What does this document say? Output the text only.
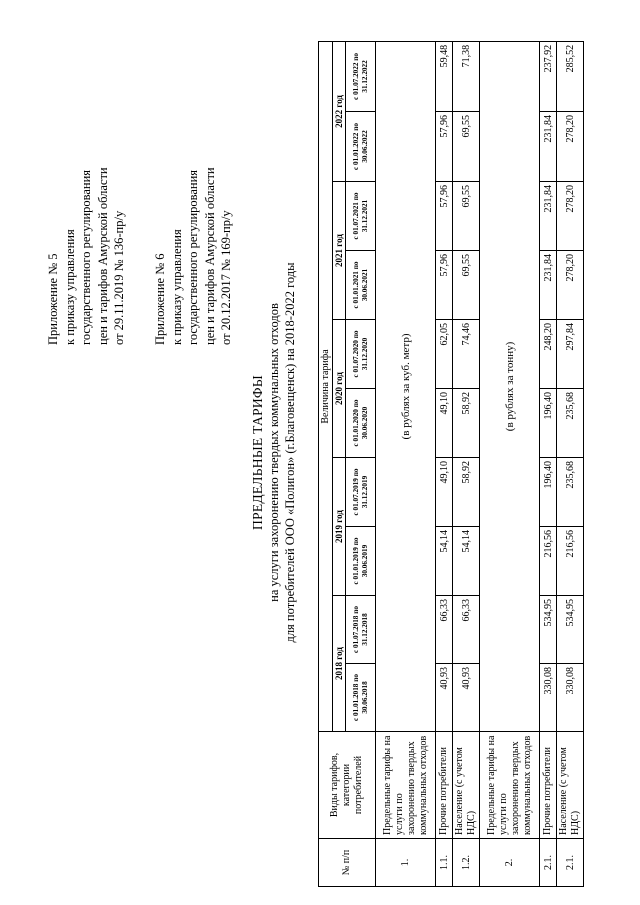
Приложение № 5 к приказу управления государственного регулирования цен и тарифов Амурской области от 29.11.2019 № 136-пр/у Приложение № 6 к приказу управления государственного регулирования цен и тарифов Амурской области от 20.12.2017 № 169-пр/у
ПРЕДЕЛЬНЫЕ ТАРИФЫ на услуги захоронению твердых коммунальных отходов для потребителей ООО «Полигон» (г.Благовещенск) на 2018-2022 годы
№ п/п	Виды тарифов, категории потребителей	Величина тарифа									
		2018 год		2019 год		2020 год		2021 год		2022 год	
		с 01.01.2018 по 30.06.2018	с 01.07.2018 по 31.12.2018	с 01.01.2019 по 30.06.2019	с 01.07.2019 по 31.12.2019	с 01.01.2020 по 30.06.2020	с 01.07.2020 по 31.12.2020	с 01.01.2021 по 30.06.2021	с 01.07.2021 по 31.12.2021	с 01.01.2022 по 30.06.2022	с 01.07.2022 по 31.12.2022
1.	Предельные тарифы на услуги по захоронению твердых коммунальных отходов	(в рублях за куб. метр)									
1.1.	Прочие потребители	40,93	66,33	54,14	49,10	49,10	62,05	57,96	57,96	57,96	59,48
1.2.	Население (с учетом НДС)	40,93	66,33	54,14	58,92	58,92	74,46	69,55	69,55	69,55	71,38
2.	Предельные тарифы на услуги по захоронению твердых коммунальных отходов	(в рублях за тонну)									
2.1.	Прочие потребители	330,08	534,95	216,56	196,40	196,40	248,20	231,84	231,84	231,84	237,92
2.1.	Население (с учетом НДС)	330,08	534,95	216,56	235,68	235,68	297,84	278,20	278,20	278,20	285,52
